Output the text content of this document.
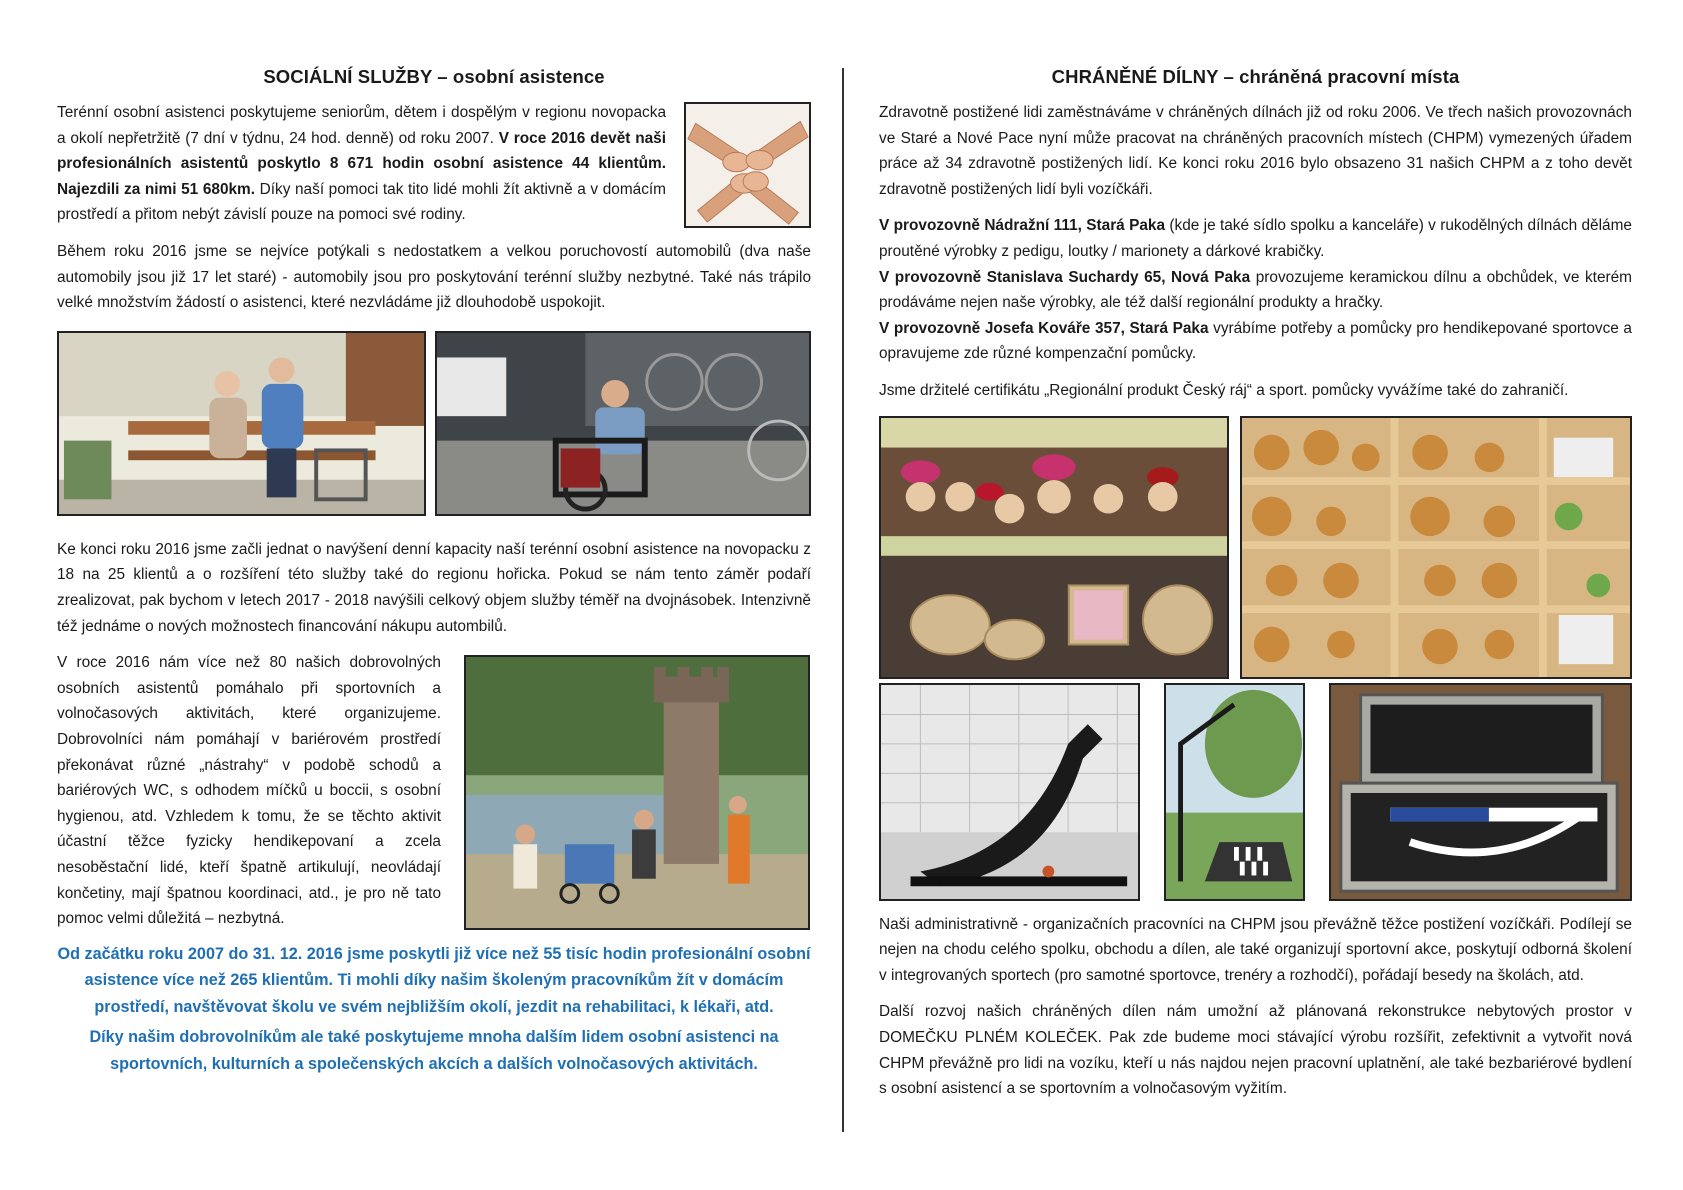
SOCIÁLNÍ SLUŽBY – osobní asistence

Terénní osobní asistenci poskytujeme seniorům, dětem i dospělým v regionu novopacka a okolí nepřetržitě (7 dní v týdnu, 24 hod. denně) od roku 2007. V roce 2016 devět naši profesionálních asistentů poskytlo 8 671 hodin osobní asistence 44 klientům. Najezdili za nimi 51 680km. Díky naší pomoci tak tito lidé mohli žít aktivně a v domácím prostředí a přitom nebýt závislí pouze na pomoci své rodiny.

Během roku 2016 jsme se nejvíce potýkali s nedostatkem a velkou poruchovostí automobilů (dva naše automobily jsou již 17 let staré) - automobily jsou pro poskytování terénní služby nezbytné. Také nás trápilo velké množstvím žádostí o asistenci, které nezvládáme již dlouhodobě uspokojit.

Ke konci roku 2016 jsme začli jednat o navýšení denní kapacity naší terénní osobní asistence na novopacku z 18 na 25 klientů a o rozšíření této služby také do regionu hořicka. Pokud se nám tento záměr podaří zrealizovat, pak bychom v letech 2017 - 2018 navýšili celkový objem služby téměř na dvojnásobek. Intenzivně též jednáme o nových možnostech financování nákupu autombilů.

V roce 2016 nám více než 80 našich dobrovolných osobních asistentů pomáhalo při sportovních a volnočasových aktivitách, které organizujeme. Dobrovolníci nám pomáhají v bariérovém prostředí překonávat různé „nástrahy“ v podobě schodů a bariérových WC, s odhodem míčků u boccii, s osobní hygienou, atd. Vzhledem k tomu, že se těchto aktivit účastní těžce fyzicky hendikepovaní a zcela nesoběstační lidé, kteří špatně artikulují, neovládají končetiny, mají špatnou koordinaci, atd., je pro ně tato pomoc velmi důležitá – nezbytná.

Od začátku roku 2007 do 31. 12. 2016 jsme poskytli již více než 55 tisíc hodin profesionální osobní asistence více než 265 klientům. Ti mohli díky našim školeným pracovníkům žít v domácím prostředí, navštěvovat školu ve svém nejbližším okolí, jezdit na rehabilitaci, k lékaři, atd.

Díky našim dobrovolníkům ale také poskytujeme mnoha dalším lidem osobní asistenci na sportovních, kulturních a společenských akcích a dalších volnočasových aktivitách.

CHRÁNĚNÉ DÍLNY – chráněná pracovní místa

Zdravotně postižené lidi zaměstnáváme v chráněných dílnách již od roku 2006. Ve třech našich provozovnách ve Staré a Nové Pace nyní může pracovat na chráněných pracovních místech (CHPM) vymezených úřadem práce až 34 zdravotně postižených lidí. Ke konci roku 2016 bylo obsazeno 31 našich CHPM a z toho devět zdravotně postižených lidí byli vozíčkáři.

V provozovně Nádražní 111, Stará Paka (kde je také sídlo spolku a kanceláře) v rukodělných dílnách děláme proutěné výrobky z pedigu, loutky / marionety a dárkové krabičky.

V provozovně Stanislava Suchardy 65, Nová Paka provozujeme keramickou dílnu a obchůdek, ve kterém prodáváme nejen naše výrobky, ale též další regionální produkty a hračky.

V provozovně Josefa Kováře 357, Stará Paka vyrábíme potřeby a pomůcky pro hendikepované sportovce a opravujeme zde různé kompenzační pomůcky.

Jsme držitelé certifikátu „Regionální produkt Český ráj“ a sport. pomůcky vyvážíme také do zahraničí.

Naši administrativně - organizačních pracovníci na CHPM jsou převážně těžce postižení vozíčkáři. Podílejí se nejen na chodu celého spolku, obchodu a dílen, ale také organizují sportovní akce, poskytují odborná školení v integrovaných sportech (pro samotné sportovce, trenéry a rozhodčí), pořádají besedy na školách, atd.

Další rozvoj našich chráněných dílen nám umožní až plánovaná rekonstrukce nebytových prostor v DOMEČKU PLNÉM KOLEČEK. Pak zde budeme moci stávající výrobu rozšířit, zefektivnit a vytvořit nová CHPM převážně pro lidi na vozíku, kteří u nás najdou nejen pracovní uplatnění, ale také bezbariérové bydlení s osobní asistencí a se sportovním a volnočasovým vyžitím.
